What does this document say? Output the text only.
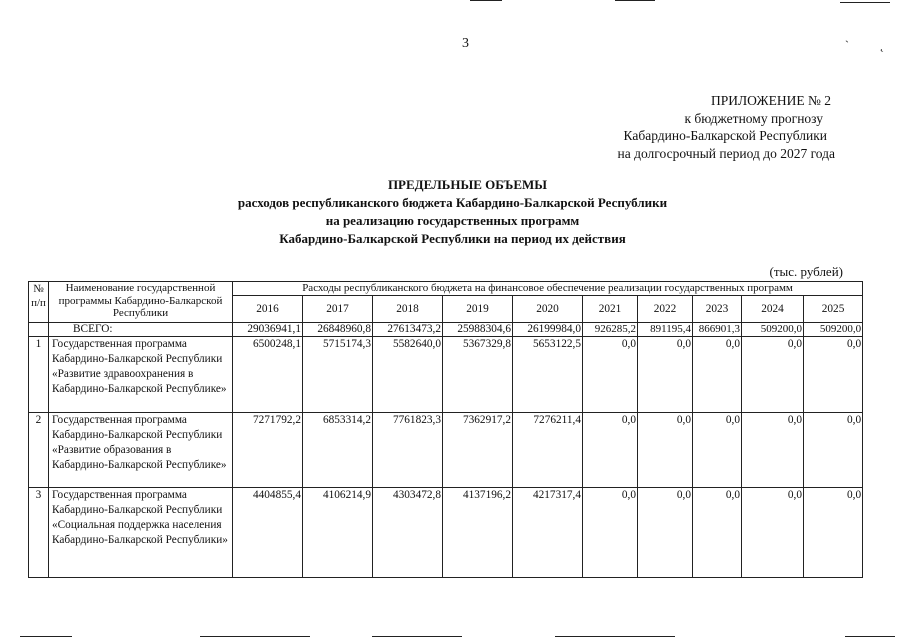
3	` ˛
ПРИЛОЖЕНИЕ № 2
к бюджетному прогнозу
Кабардино-Балкарской Республики
на долгосрочный период до 2027 года
ПРЕДЕЛЬНЫЕ ОБЪЕМЫ
расходов республиканского бюджета Кабардино-Балкарской Республики
на реализацию государственных программ
Кабардино-Балкарской Республики на период их действия
(тыс. рублей)
№ п/п	Наименование государственной программы Кабардино-Балкарской Республики	Расходы республиканского бюджета на финансовое обеспечение реализации государственных программ									
		2016	2017	2018	2019	2020	2021	2022	2023	2024	2025
	ВСЕГО:	29036941,1	26848960,8	27613473,2	25988304,6	26199984,0	926285,2	891195,4	866901,3	509200,0	509200,0
1	Государственная программа Кабардино-Балкарской Республики «Развитие здравоохранения в Кабардино-Балкарской Республике»	6500248,1	5715174,3	5582640,0	5367329,8	5653122,5	0,0	0,0	0,0	0,0	0,0
2	Государственная программа Кабардино-Балкарской Республики «Развитие образования в Кабардино-Балкарской Республике»	7271792,2	6853314,2	7761823,3	7362917,2	7276211,4	0,0	0,0	0,0	0,0	0,0
3	Государственная программа Кабардино-Балкарской Республики «Социальная поддержка населения Кабардино-Балкарской Республики»	4404855,4	4106214,9	4303472,8	4137196,2	4217317,4	0,0	0,0	0,0	0,0	0,0
